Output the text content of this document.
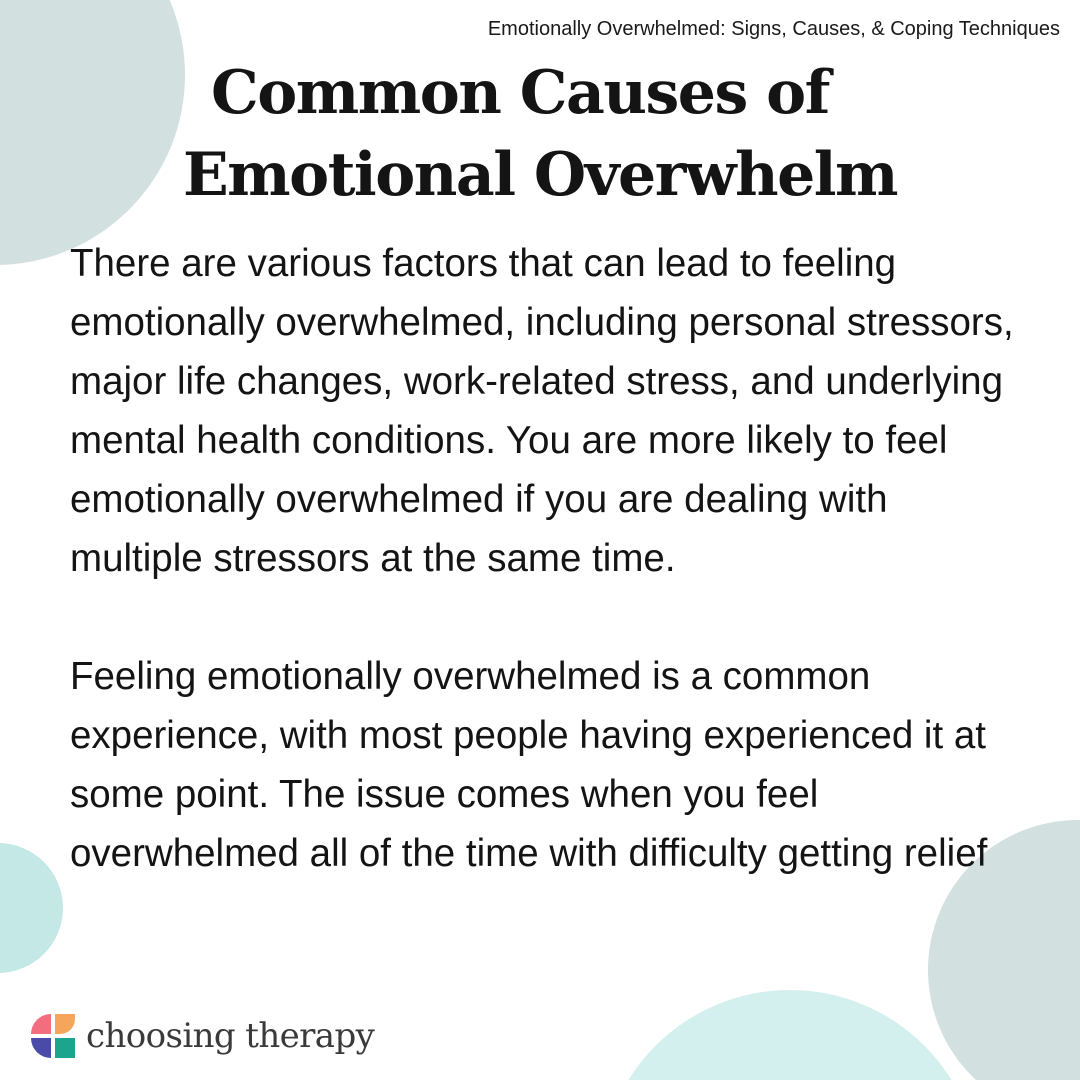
Emotionally Overwhelmed: Signs, Causes, & Coping Techniques
Common Causes of
Emotional Overwhelm

There are various factors that can lead to feeling emotionally overwhelmed, including personal stressors, major life changes, work-related stress, and underlying mental health conditions. You are more likely to feel emotionally overwhelmed if you are dealing with multiple stressors at the same time.

Feeling emotionally overwhelmed is a common experience, with most people having experienced it at some point. The issue comes when you feel overwhelmed all of the time with difficulty getting relief

choosing therapy
